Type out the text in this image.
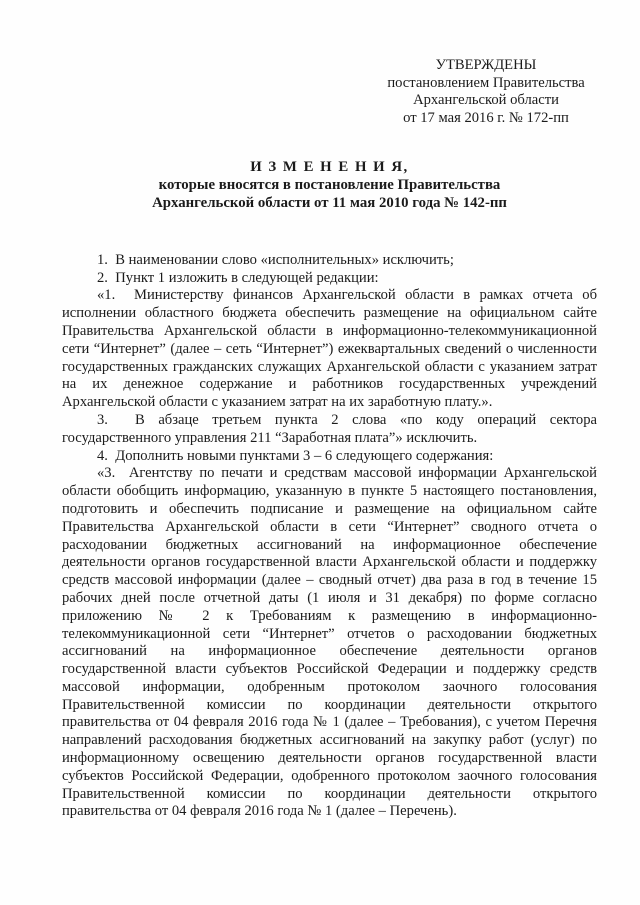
УТВЕРЖДЕНЫ
постановлением Правительства
Архангельской области
от 17 мая 2016 г. № 172-пп
И З М Е Н Е Н И Я,
которые вносятся в постановление Правительства
Архангельской области от 11 мая 2010 года № 142-пп

1.  В наименовании слово «исполнительных» исключить;

2.  Пункт 1 изложить в следующей редакции:

«1.  Министерству финансов Архангельской области в рамках отчета об исполнении областного бюджета обеспечить размещение на официальном сайте Правительства Архангельской области в информационно-телекоммуникационной сети “Интернет” (далее – сеть “Интернет”) ежеквартальных сведений о численности государственных гражданских служащих Архангельской области с указанием затрат на их денежное содержание и работников государственных учреждений Архангельской области с указанием затрат на их заработную плату.».

3.  В абзаце третьем пункта 2 слова «по коду операций сектора государственного управления 211 “Заработная плата”» исключить.

4.  Дополнить новыми пунктами 3 – 6 следующего содержания:

«3.  Агентству по печати и средствам массовой информации Архангельской области обобщить информацию, указанную в пункте 5 настоящего постановления, подготовить и обеспечить подписание и размещение на официальном сайте Правительства Архангельской области в сети “Интернет” сводного отчета о расходовании бюджетных ассигнований на информационное обеспечение деятельности органов государственной власти Архангельской области и поддержку средств массовой информации (далее – сводный отчет) два раза в год в течение 15 рабочих дней после отчетной даты (1 июля и 31 декабря) по форме согласно приложению № 2 к Требованиям к размещению в информационно-телекоммуникационной сети “Интернет” отчетов о расходовании бюджетных ассигнований на информационное обеспечение деятельности органов государственной власти субъектов Российской Федерации и поддержку средств массовой информации, одобренным протоколом заочного голосования Правительственной комиссии по координации деятельности открытого правительства от 04 февраля 2016 года № 1 (далее – Требования), с учетом Перечня направлений расходования бюджетных ассигнований на закупку работ (услуг) по информационному освещению деятельности органов государственной власти субъектов Российской Федерации, одобренного протоколом заочного голосования Правительственной комиссии по координации деятельности открытого правительства от 04 февраля 2016 года № 1 (далее – Перечень).
